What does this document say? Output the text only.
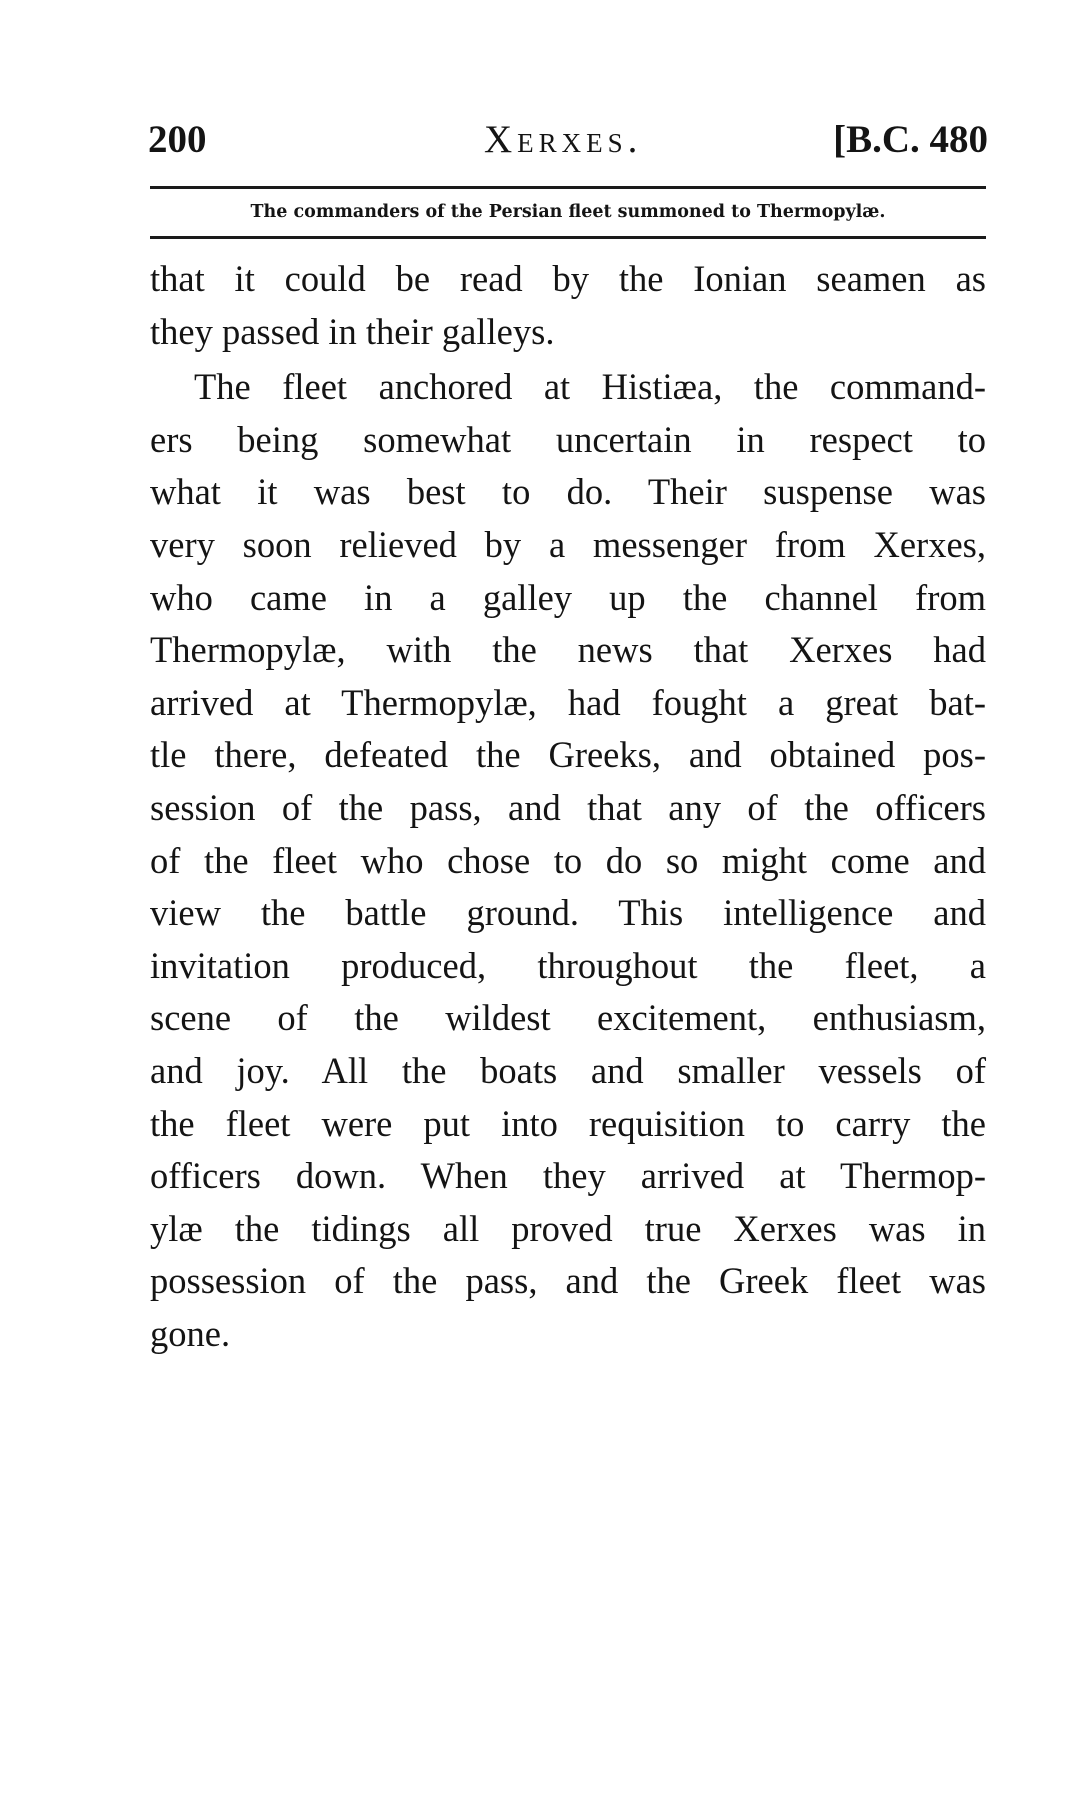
200	Xerxes.	[B.C. 480
The commanders of the Persian fleet summoned to Thermopylæ.
that it could be read by the Ionian seamen as
they passed in their galleys.
The fleet anchored at Histiæa, the command-
ers being somewhat uncertain in respect to
what it was best to do. Their suspense was
very soon relieved by a messenger from Xerxes,
who came in a galley up the channel from
Thermopylæ, with the news that Xerxes had
arrived at Thermopylæ, had fought a great bat-
tle there, defeated the Greeks, and obtained pos-
session of the pass, and that any of the officers
of the fleet who chose to do so might come and
view the battle ground. This intelligence and
invitation produced, throughout the fleet, a
scene of the wildest excitement, enthusiasm,
and joy. All the boats and smaller vessels of
the fleet were put into requisition to carry the
officers down. When they arrived at Thermop-
ylæ the tidings all proved true Xerxes was in
possession of the pass, and the Greek fleet was
gone.
